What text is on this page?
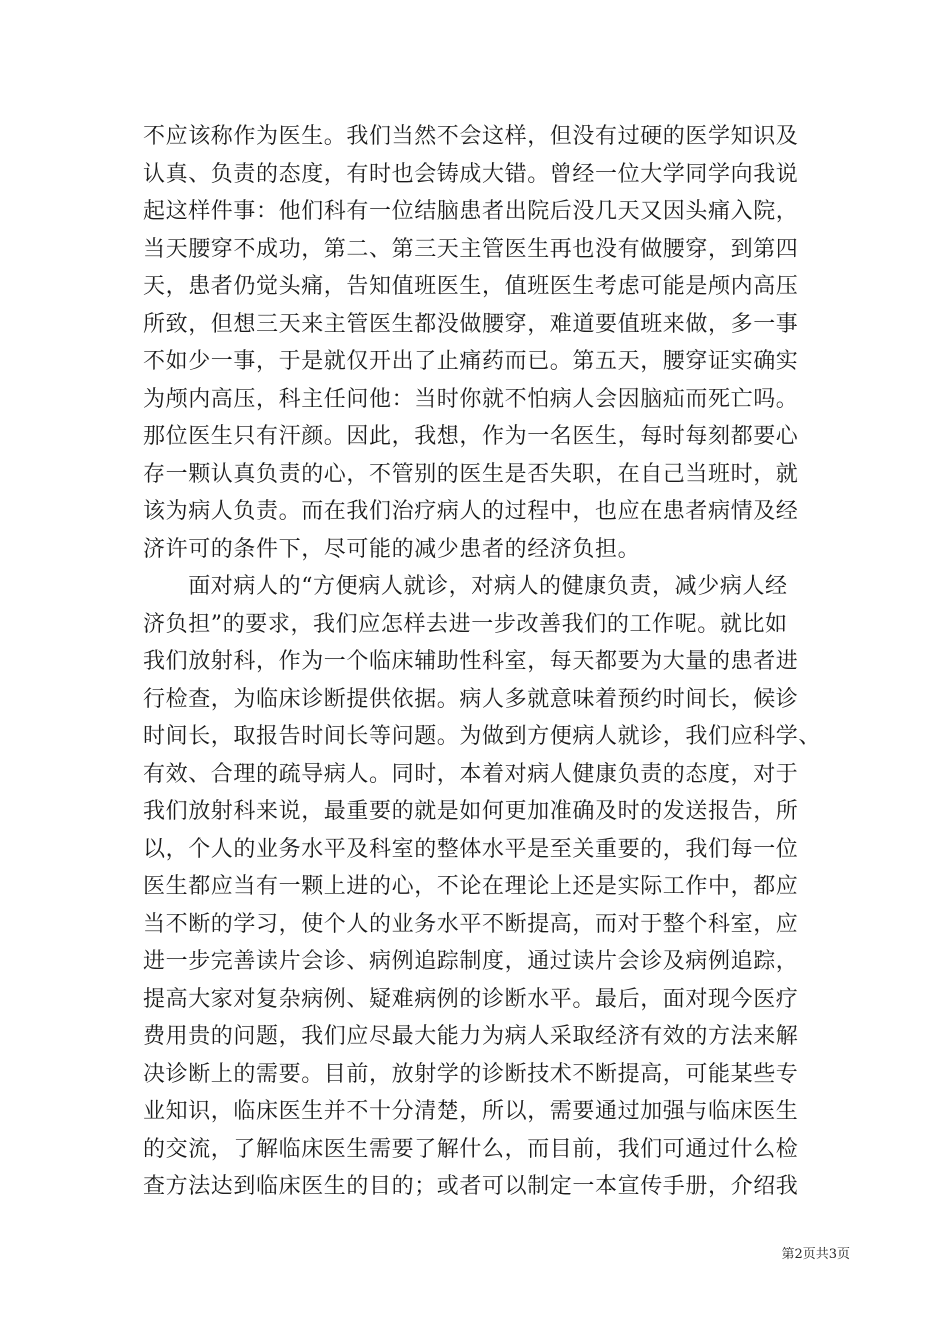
不应该称作为医生。我们当然不会这样，但没有过硬的医学知识及
认真、负责的态度，有时也会铸成大错。曾经一位大学同学向我说
起这样件事：他们科有一位结脑患者出院后没几天又因头痛入院，
当天腰穿不成功，第二、第三天主管医生再也没有做腰穿，到第四
天，患者仍觉头痛，告知值班医生，值班医生考虑可能是颅内高压
所致，但想三天来主管医生都没做腰穿，难道要值班来做，多一事
不如少一事，于是就仅开出了止痛药而已。第五天，腰穿证实确实
为颅内高压，科主任问他：当时你就不怕病人会因脑疝而死亡吗。
那位医生只有汗颜。因此，我想，作为一名医生，每时每刻都要心
存一颗认真负责的心，不管别的医生是否失职，在自己当班时，就
该为病人负责。而在我们治疗病人的过程中，也应在患者病情及经
济许可的条件下，尽可能的减少患者的经济负担。
　　面对病人的“方便病人就诊，对病人的健康负责，减少病人经
济负担”的要求，我们应怎样去进一步改善我们的工作呢。就比如
我们放射科，作为一个临床辅助性科室，每天都要为大量的患者进
行检查，为临床诊断提供依据。病人多就意味着预约时间长，候诊
时间长，取报告时间长等问题。为做到方便病人就诊，我们应科学、
有效、合理的疏导病人。同时，本着对病人健康负责的态度，对于
我们放射科来说，最重要的就是如何更加准确及时的发送报告，所
以，个人的业务水平及科室的整体水平是至关重要的，我们每一位
医生都应当有一颗上进的心，不论在理论上还是实际工作中，都应
当不断的学习，使个人的业务水平不断提高，而对于整个科室，应
进一步完善读片会诊、病例追踪制度，通过读片会诊及病例追踪，
提高大家对复杂病例、疑难病例的诊断水平。最后，面对现今医疗
费用贵的问题，我们应尽最大能力为病人采取经济有效的方法来解
决诊断上的需要。目前，放射学的诊断技术不断提高，可能某些专
业知识，临床医生并不十分清楚，所以，需要通过加强与临床医生
的交流，了解临床医生需要了解什么，而目前，我们可通过什么检
查方法达到临床医生的目的；或者可以制定一本宣传手册，介绍我
第2页共3页
